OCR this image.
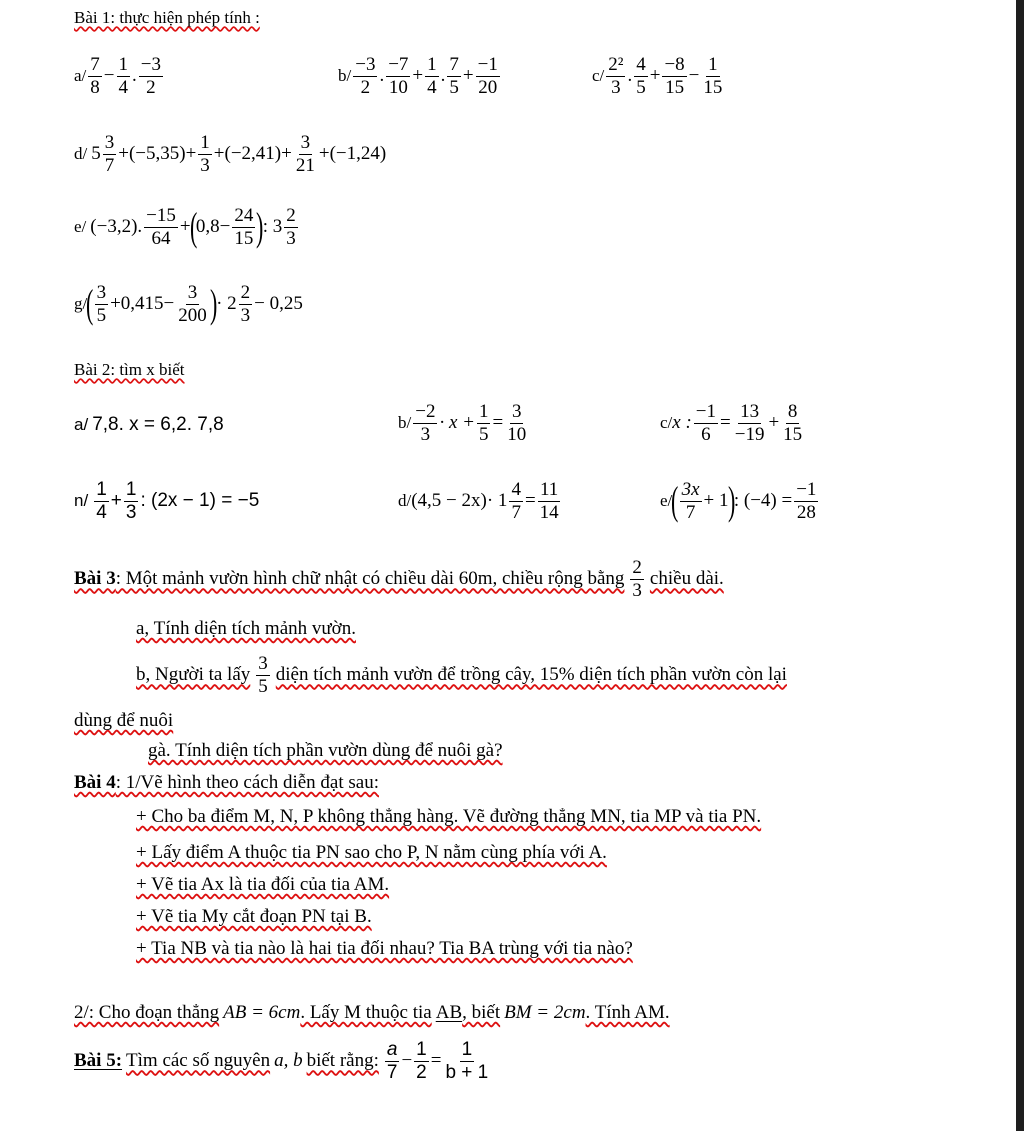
Bài 1: thực hiện phép tính :
$a/ \frac{7}{8} - \frac{1}{4}$ . $\frac{-3}{2}$	$b/ \frac{-3}{2}$ . $\frac{-7}{10} + \frac{1}{4}$ . $\frac{7}{5} + \frac{-1}{20}$	$c/ \frac{\text{2²}}{3}$ . $\frac{4}{5} + \frac{-8}{15} - \frac{1}{15}$
d/ $5 \frac{3}{7} +(-5,35)+ \frac{1}{3} +(-2,41)+ \frac{3}{21} +(-1,24)$
e/ (−3,2). $\frac{-15}{64}$ +
(
$0,8- \frac{24}{15}$ )
: $3 \frac{2}{3}$
g/
( $\frac{3}{5} +0,415- \frac{3}{200}$ )
· $2 \frac{2}{3} - 0,25$
Bài 2: tìm x biết
a/ 7,8. x = 6,2. 7,8	$b/ \frac{-2}{3} \cdot x + \frac{1}{5} = \frac{3}{10}$	c/ x : $\frac{-1}{6} = \frac{13}{-19} + \frac{8}{15}$
$n/ \frac{1}{4} + \frac{1}{3}$ : (2x − 1) = −5	d/ $(4,5 - 2x)\cdot 1 \frac{4}{7} = \frac{11}{14}$	e/
( $\frac{3x}{7} + 1$
)
: $(-4) = \frac{-1}{28}$
Bài 3 : Một mảnh vườn hình chữ nhật có chiều dài 60m, chiều rộng bằng $\frac{2}{3}$ chiều dài.
a, Tính diện tích mảnh vườn.
b, Người ta lấy $\frac{3}{5}$ diện tích mảnh vườn để trồng cây, 15% diện tích phần vườn còn lại
dùng để nuôi
gà. Tính diện tích phần vườn dùng để nuôi gà?
Bài 4 : 1/Vẽ hình theo cách diễn đạt sau:
+ Cho ba điểm M, N, P không thẳng hàng. Vẽ đường thẳng MN, tia MP và tia PN.
+ Lấy điểm A thuộc tia PN sao cho P, N nằm cùng phía với A.
+ Vẽ tia Ax là tia đối của tia AM.
+ Vẽ tia My cắt đoạn PN tại B.
+ Tia NB và tia nào là hai tia đối nhau? Tia BA trùng với tia nào?
2/: Cho đoạn thẳng AB = 6cm . Lấy M thuộc tia AB , biết BM = 2cm . Tính AM.
Bài 5: Tìm các số nguyên a, b biết rằng: $\frac{a}{7} - \frac{1}{2} = \frac{1}{b + 1}$
